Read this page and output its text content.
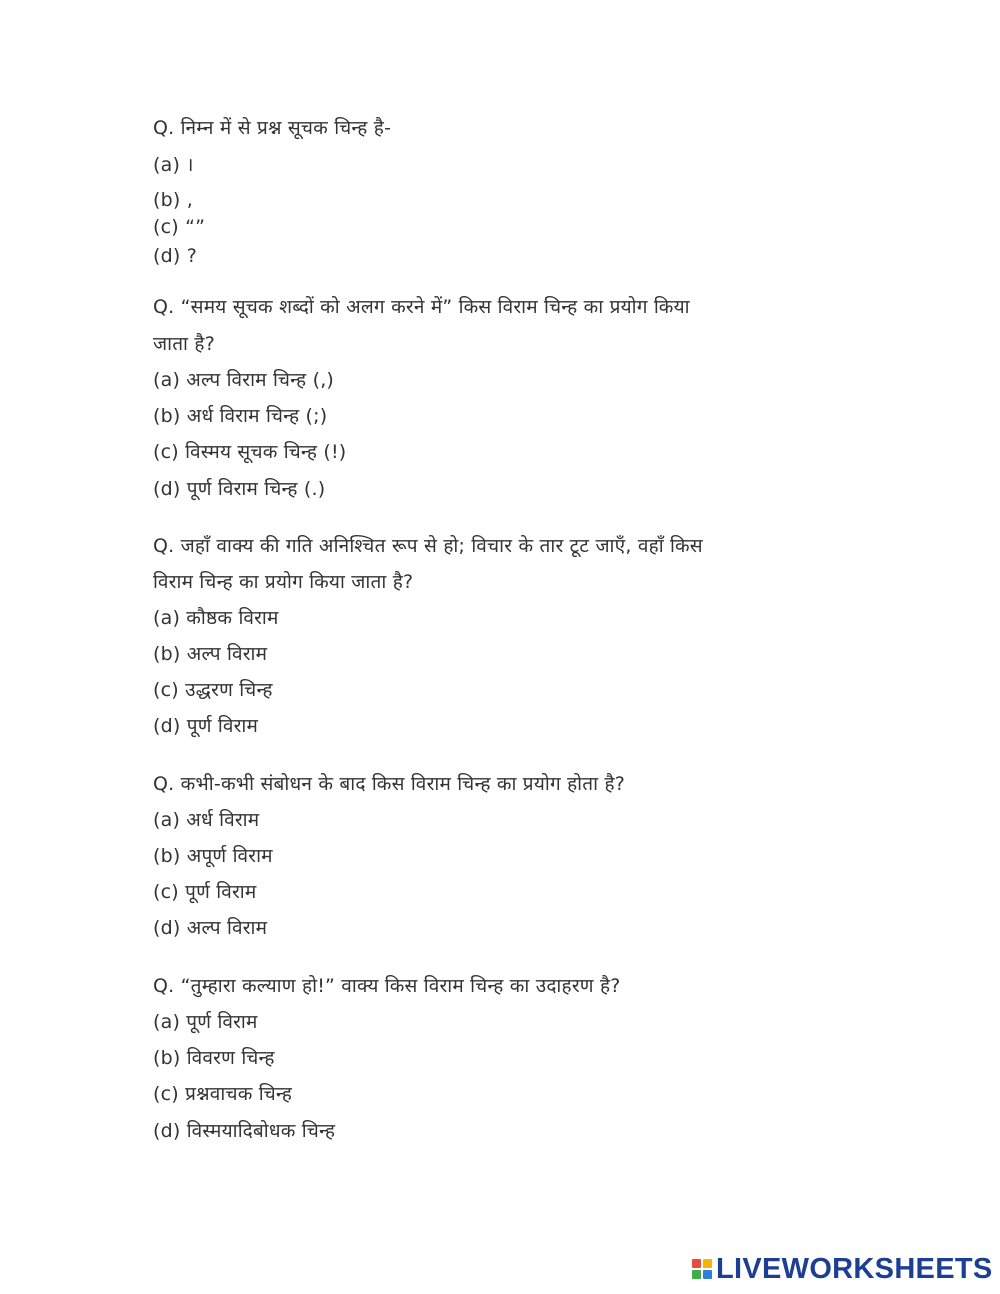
Q. निम्न में से प्रश्न सूचक चिन्ह है-
(a) ।
(b) ,
(c) “”
(d) ?
Q. “समय सूचक शब्दों को अलग करने में” किस विराम चिन्ह का प्रयोग किया
जाता है?
(a) अल्प विराम चिन्ह (,)
(b) अर्ध विराम चिन्ह (;)
(c) विस्मय सूचक चिन्ह (!)
(d) पूर्ण विराम चिन्ह (.)
Q. जहाँ वाक्य की गति अनिश्चित रूप से हो; विचार के तार टूट जाएँ, वहाँ किस
विराम चिन्ह का प्रयोग किया जाता है?
(a) कौष्ठक विराम
(b) अल्प विराम
(c) उद्धरण चिन्ह
(d) पूर्ण विराम
Q. कभी-कभी संबोधन के बाद किस विराम चिन्ह का प्रयोग होता है?
(a) अर्ध विराम
(b) अपूर्ण विराम
(c) पूर्ण विराम
(d) अल्प विराम
Q. “तुम्हारा कल्याण हो!” वाक्य किस विराम चिन्ह का उदाहरण है?
(a) पूर्ण विराम
(b) विवरण चिन्ह
(c) प्रश्नवाचक चिन्ह
(d) विस्मयादिबोधक चिन्ह
LIVEWORKSHEETS
